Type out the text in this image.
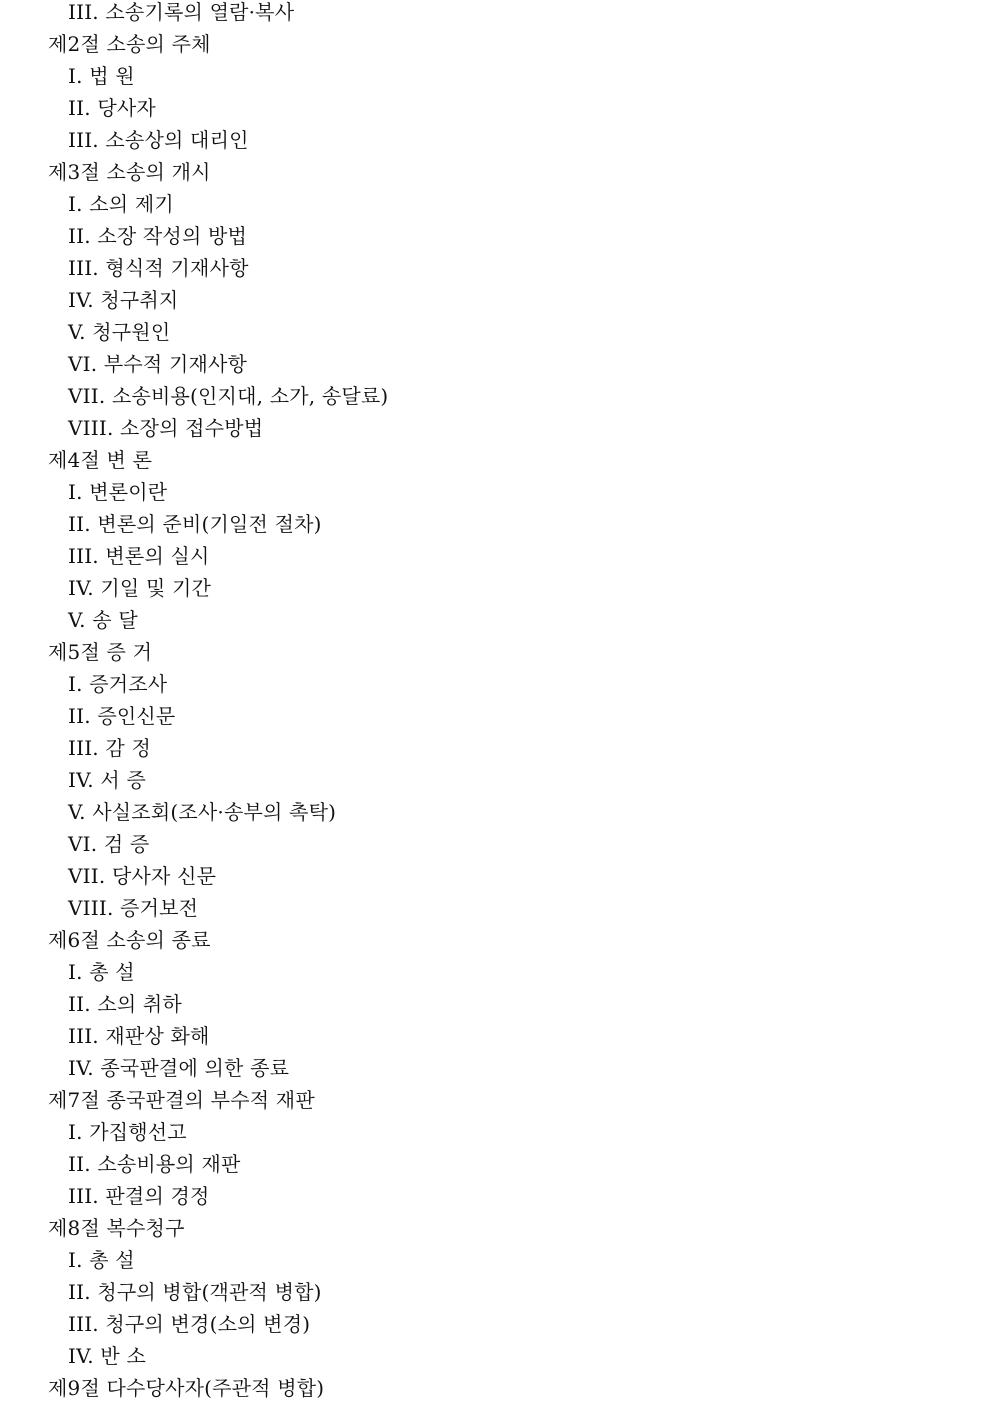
III. 소송기록의 열람·복사
제2절 소송의 주체
I. 법 원
II. 당사자
III. 소송상의 대리인
제3절 소송의 개시
I. 소의 제기
II. 소장 작성의 방법
III. 형식적 기재사항
IV. 청구취지
V. 청구원인
VI. 부수적 기재사항
VII. 소송비용(인지대, 소가, 송달료)
VIII. 소장의 접수방법
제4절 변 론
I. 변론이란
II. 변론의 준비(기일전 절차)
III. 변론의 실시
IV. 기일 및 기간
V. 송 달
제5절 증 거
I. 증거조사
II. 증인신문
III. 감 정
IV. 서 증
V. 사실조회(조사·송부의 촉탁)
VI. 검 증
VII. 당사자 신문
VIII. 증거보전
제6절 소송의 종료
I. 총 설
II. 소의 취하
III. 재판상 화해
IV. 종국판결에 의한 종료
제7절 종국판결의 부수적 재판
I. 가집행선고
II. 소송비용의 재판
III. 판결의 경정
제8절 복수청구
I. 총 설
II. 청구의 병합(객관적 병합)
III. 청구의 변경(소의 변경)
IV. 반 소
제9절 다수당사자(주관적 병합)
